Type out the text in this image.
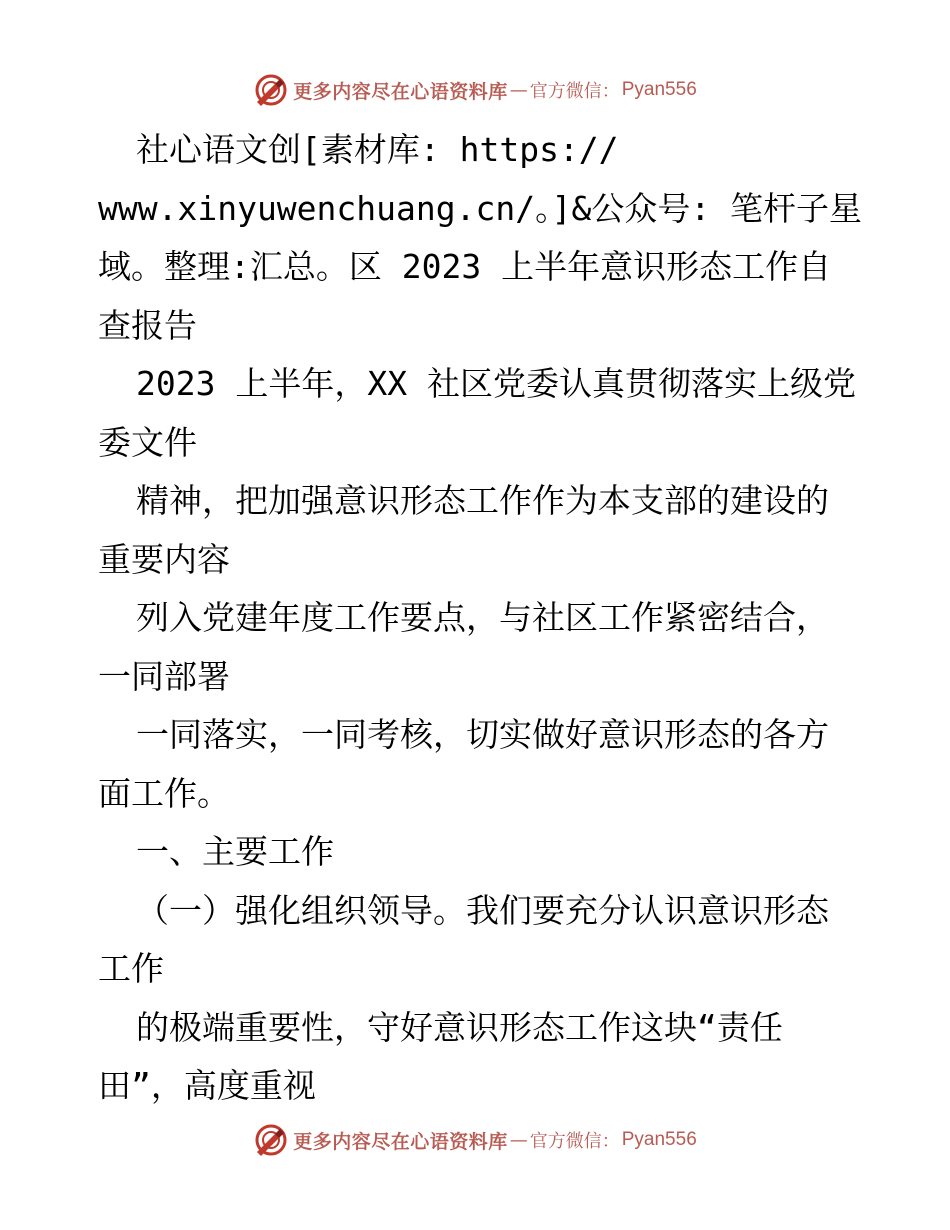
更多内容尽在心语资料库 — 官方微信： Pyan556
社心语文创[素材库: https://
www.xinyuwenchuang.cn/。]&公众号: 笔杆子星
域。整理:汇总。区 2023 上半年意识形态工作自
查报告
2023 上半年，XX 社区党委认真贯彻落实上级党
委文件
精神，把加强意识形态工作作为本支部的建设的
重要内容
列入党建年度工作要点，与社区工作紧密结合，
一同部署
一同落实，一同考核，切实做好意识形态的各方
面工作。
一、主要工作
（一）强化组织领导。我们要充分认识意识形态
工作
的极端重要性，守好意识形态工作这块“责任
田”，高度重视
更多内容尽在心语资料库 — 官方微信： Pyan556
